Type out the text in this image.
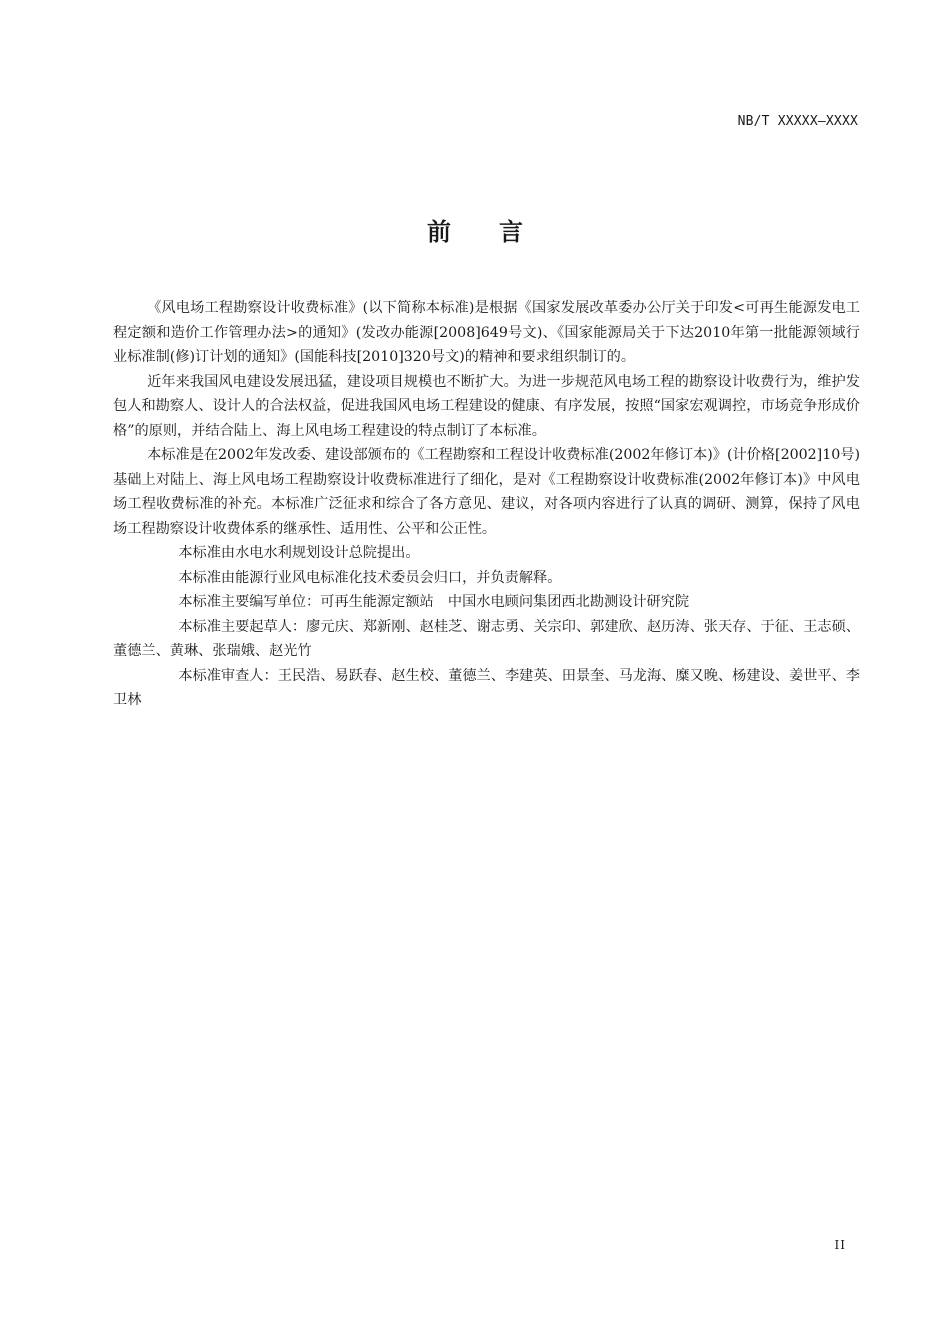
NB/T XXXXX—XXXX
前言

《风电场工程勘察设计收费标准》(以下简称本标准)是根据《国家发展改革委办公厅关于印发<可再生能源发电工程定额和造价工作管理办法>的通知》(发改办能源[2008]649号文)、《国家能源局关于下达2010年第一批能源领域行业标准制(修)订计划的通知》(国能科技[2010]320号文)的精神和要求组织制订的。

近年来我国风电建设发展迅猛，建设项目规模也不断扩大。为进一步规范风电场工程的勘察设计收费行为，维护发包人和勘察人、设计人的合法权益，促进我国风电场工程建设的健康、有序发展，按照“国家宏观调控，市场竞争形成价格”的原则，并结合陆上、海上风电场工程建设的特点制订了本标准。

本标准是在2002年发改委、建设部颁布的《工程勘察和工程设计收费标准(2002年修订本)》(计价格[2002]10号)基础上对陆上、海上风电场工程勘察设计收费标准进行了细化，是对《工程勘察设计收费标准(2002年修订本)》中风电场工程收费标准的补充。本标准广泛征求和综合了各方意见、建议，对各项内容进行了认真的调研、测算，保持了风电场工程勘察设计收费体系的继承性、适用性、公平和公正性。

本标准由水电水利规划设计总院提出。

本标准由能源行业风电标准化技术委员会归口，并负责解释。

本标准主要编写单位：可再生能源定额站　中国水电顾问集团西北勘测设计研究院

本标准主要起草人：廖元庆、郑新刚、赵桂芝、谢志勇、关宗印、郭建欣、赵历涛、张天存、于征、王志硕、董德兰、黄琳、张瑞娥、赵光竹

本标准审查人：王民浩、易跃春、赵生校、董德兰、李建英、田景奎、马龙海、糜又晚、杨建设、姜世平、李卫林

II
